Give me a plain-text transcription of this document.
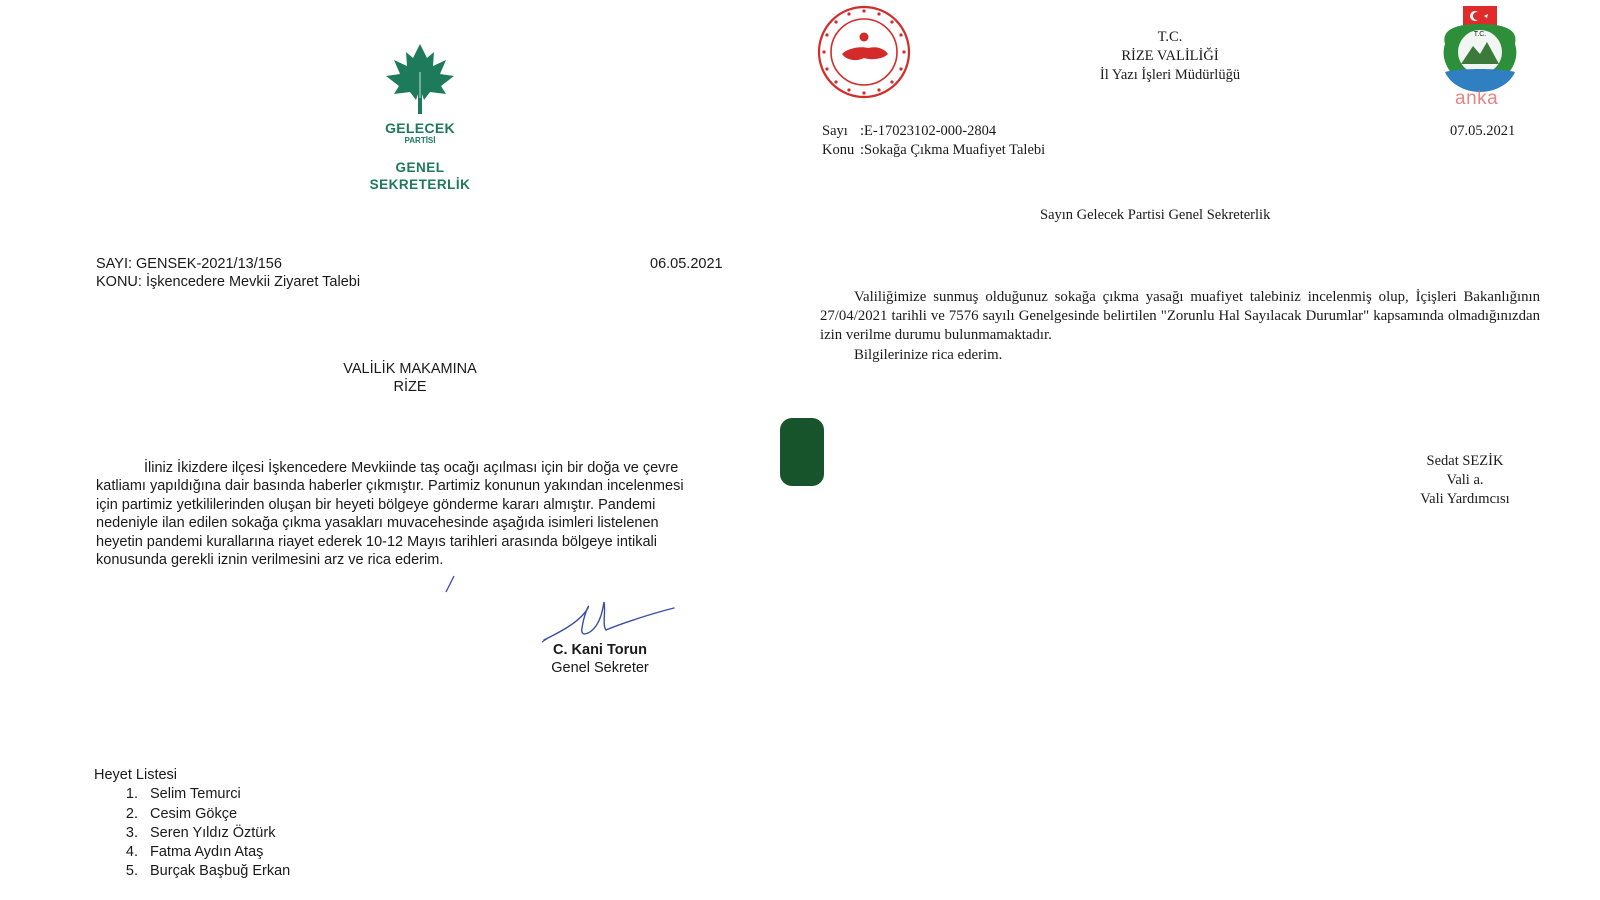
GELECEK
PARTİSİ
GENEL
SEKRETERLİK
SAYI: GENSEK-2021/13/156
KONU: İşkencedere Mevkii Ziyaret Talebi
06.05.2021
VALİLİK MAKAMINA
RİZE
İliniz İkizdere ilçesi İşkencedere Mevkiinde taş ocağı açılması için bir doğa ve çevre
katliamı yapıldığına dair basında haberler çıkmıştır. Partimiz konunun yakından incelenmesi
için partimiz yetkililerinden oluşan bir heyeti bölgeye gönderme kararı almıştır. Pandemi
nedeniyle ilan edilen sokağa çıkma yasakları muvacehesinde aşağıda isimleri listelenen
heyetin pandemi kurallarına riayet ederek 10-12 Mayıs tarihleri arasında bölgeye intikali
konusunda gerekli iznin verilmesini arz ve rica ederim.
C. Kani Torun
Genel Sekreter
Heyet Listesi
1. Selim Temurci
2. Cesim Gökçe
3. Seren Yıldız Öztürk
4. Fatma Aydın Ataş
5. Burçak Başbuğ Erkan
T.C.
RİZE VALİLİĞİ
İl Yazı İşleri Müdürlüğü
T.C.
anka
Sayı :E-17023102-000-2804
Konu :Sokağa Çıkma Muafiyet Talebi
07.05.2021
Sayın Gelecek Partisi Genel Sekreterlik

Valiliğimize sunmuş olduğunuz sokağa çıkma yasağı muafiyet talebiniz incelenmiş olup, İçişleri Bakanlığının 27/04/2021 tarihli ve 7576 sayılı Genelgesinde belirtilen "Zorunlu Hal Sayılacak Durumlar" kapsamında olmadığınızdan izin verilme durumu bulunmamaktadır.

Bilgilerinize rica ederim.

Sedat SEZİK
Vali a.
Vali Yardımcısı
